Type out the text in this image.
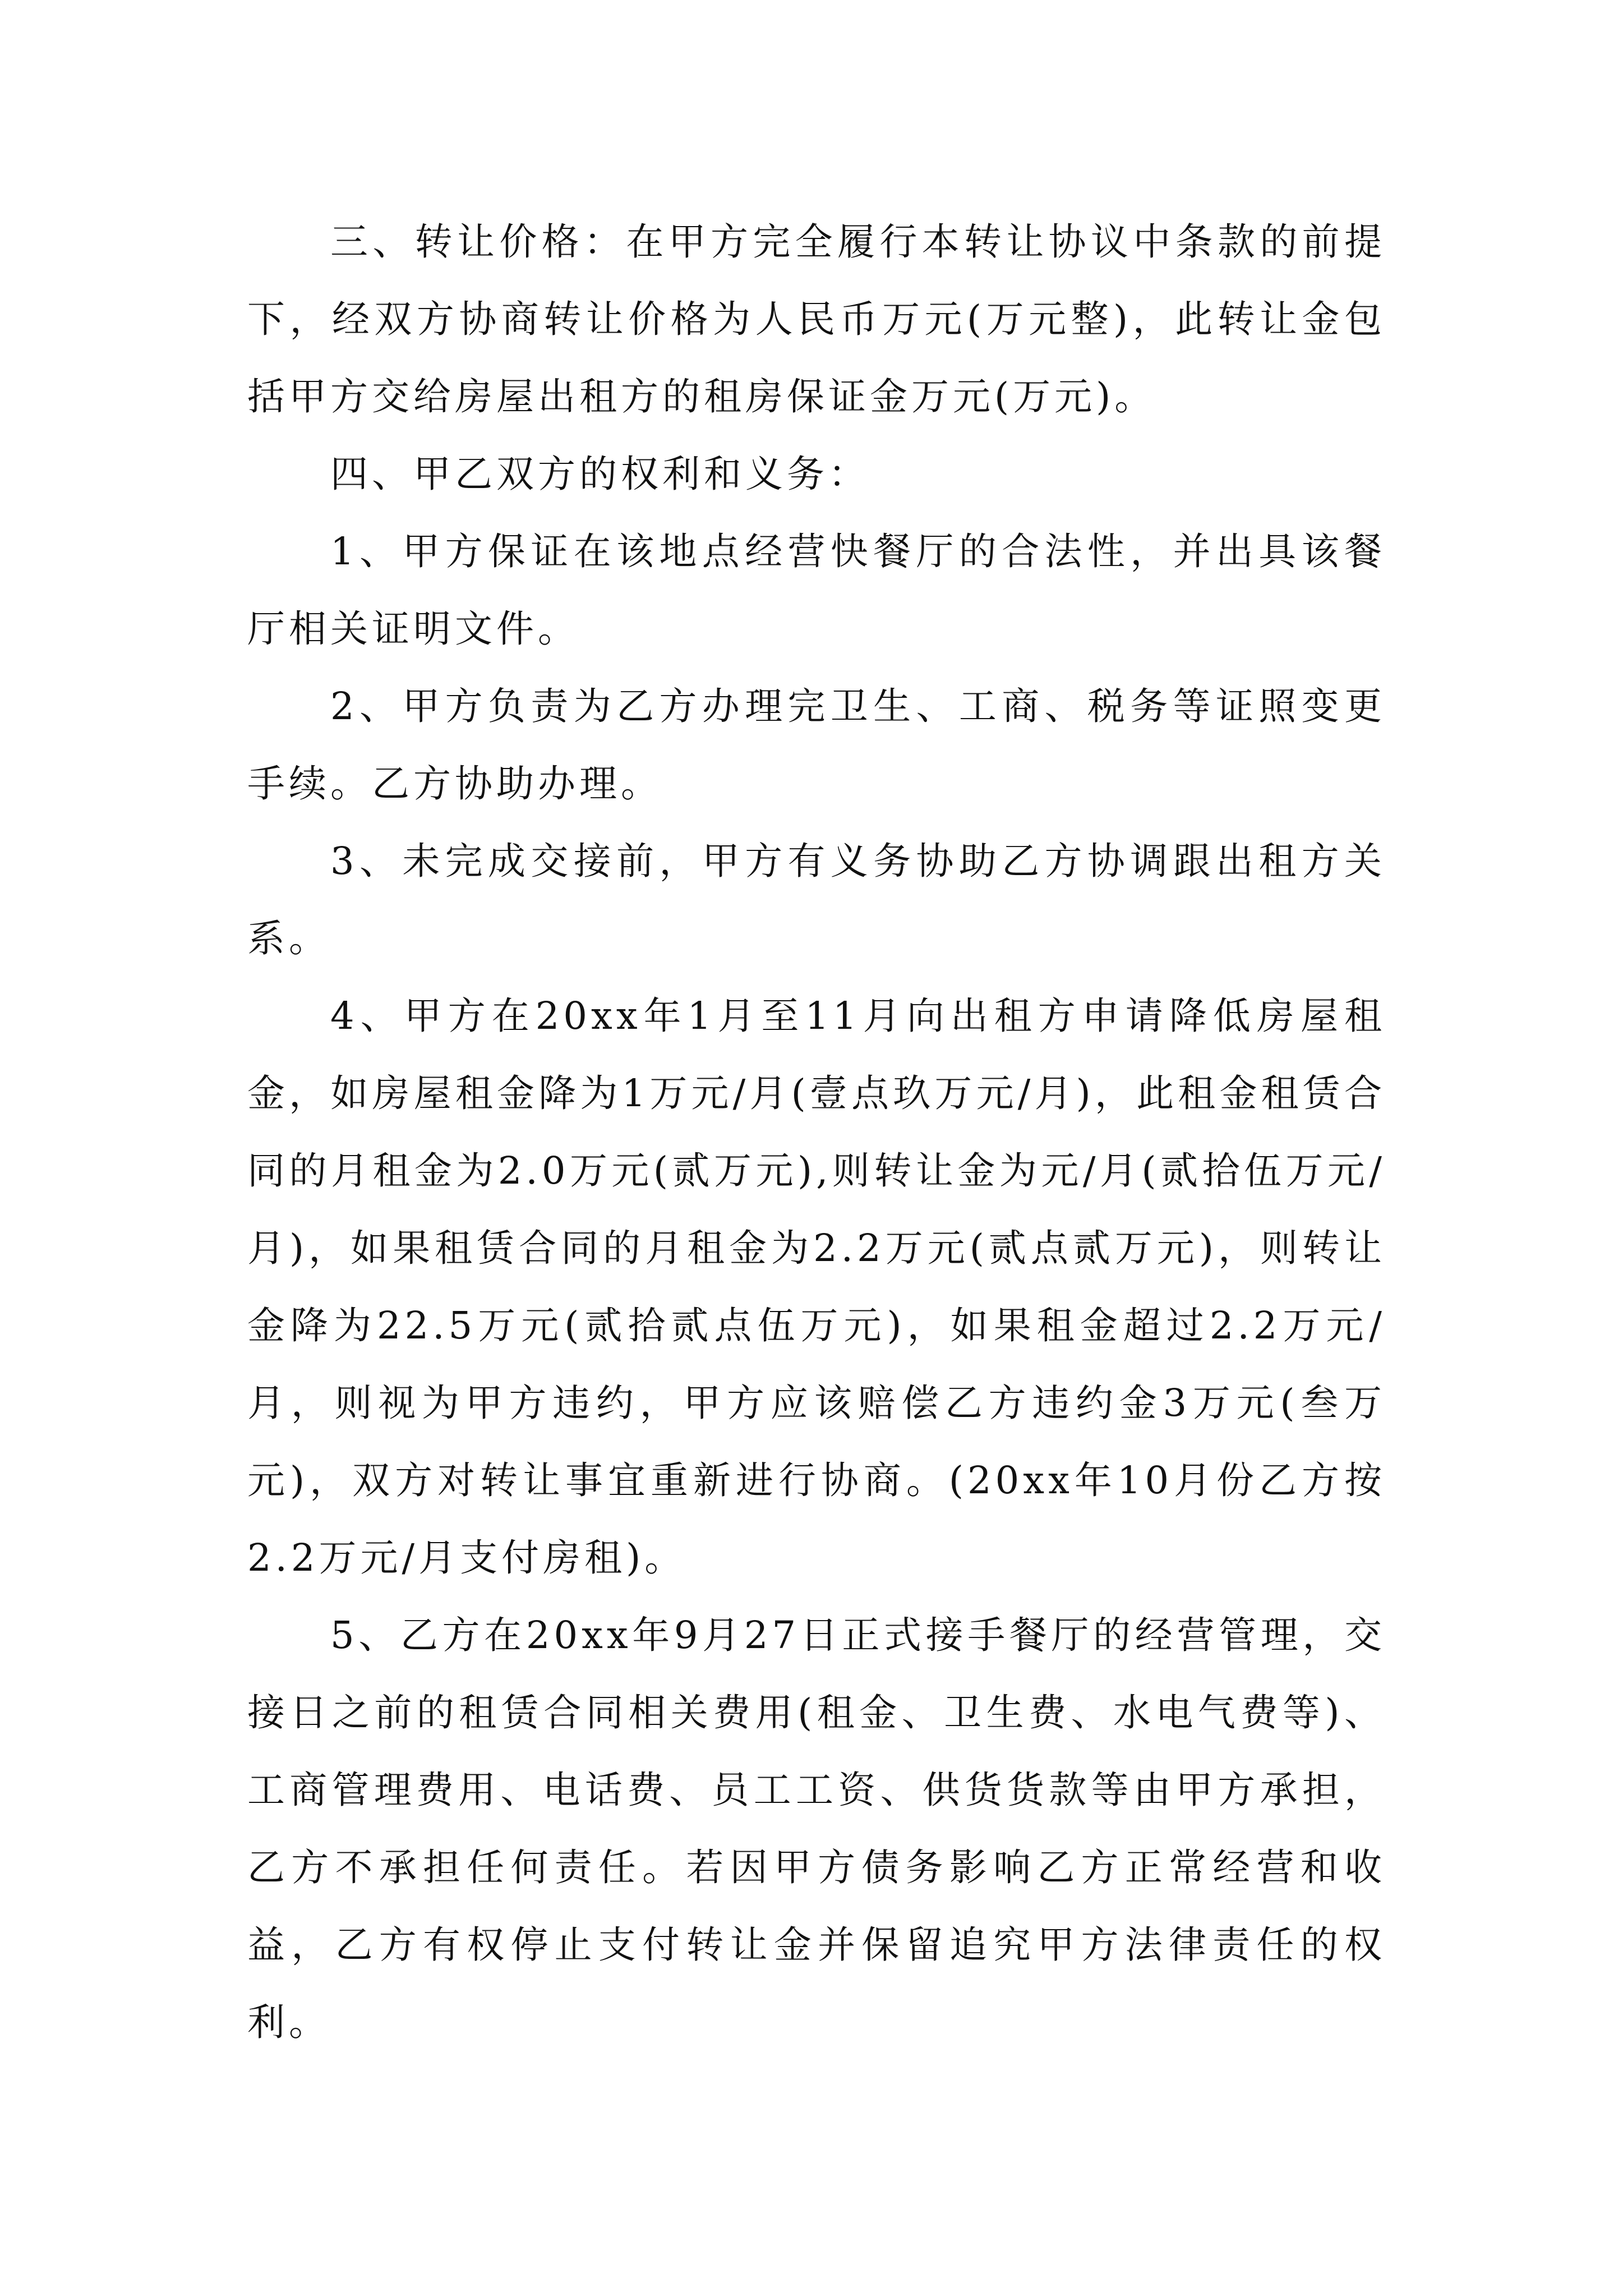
三、转让价格：在甲方完全履行本转让协议中条款的前提下，经双方协商转让价格为人民币万元(万元整)，此转让金包括甲方交给房屋出租方的租房保证金万元(万元)。

四、甲乙双方的权利和义务：

1、甲方保证在该地点经营快餐厅的合法性，并出具该餐厅相关证明文件。

2、甲方负责为乙方办理完卫生、工商、税务等证照变更手续。乙方协助办理。

3、未完成交接前，甲方有义务协助乙方协调跟出租方关系。

4、甲方在20xx年1月至11月向出租方申请降低房屋租金，如房屋租金降为1万元/月(壹点玖万元/月)，此租金租赁合同的月租金为2.0万元(贰万元),则转让金为元/月(贰拾伍万元/月)，如果租赁合同的月租金为2.2万元(贰点贰万元)，则转让金降为22.5万元(贰拾贰点伍万元)，如果租金超过2.2万元/月，则视为甲方违约，甲方应该赔偿乙方违约金3万元(叁万元)，双方对转让事宜重新进行协商。(20xx年10月份乙方按2.2万元/月支付房租)。

5、乙方在20xx年9月27日正式接手餐厅的经营管理，交接日之前的租赁合同相关费用(租金、卫生费、水电气费等)、工商管理费用、电话费、员工工资、供货货款等由甲方承担，乙方不承担任何责任。若因甲方债务影响乙方正常经营和收益，乙方有权停止支付转让金并保留追究甲方法律责任的权利。
